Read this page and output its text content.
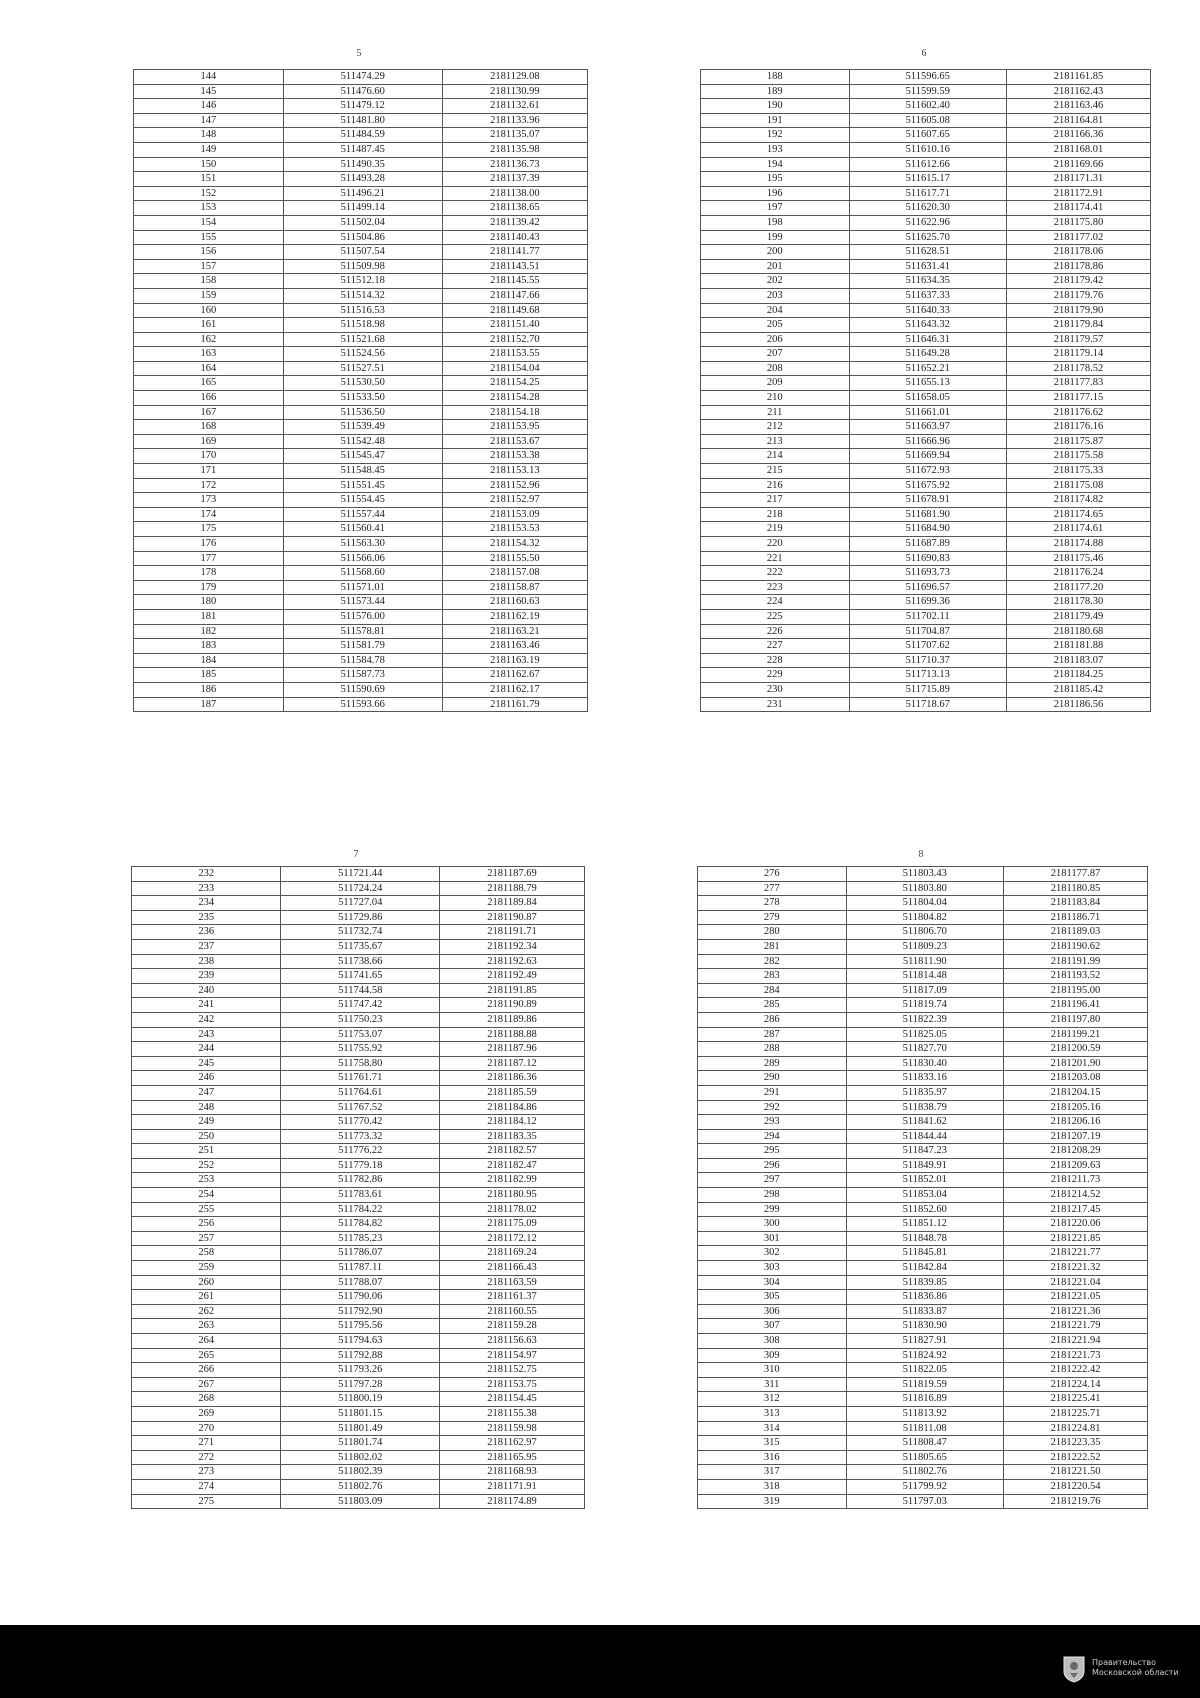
5	6
7	8
144	511474.29	2181129.08
145	511476.60	2181130.99
146	511479.12	2181132.61
147	511481.80	2181133.96
148	511484.59	2181135.07
149	511487.45	2181135.98
150	511490.35	2181136.73
151	511493.28	2181137.39
152	511496.21	2181138.00
153	511499.14	2181138.65
154	511502.04	2181139.42
155	511504.86	2181140.43
156	511507.54	2181141.77
157	511509.98	2181143.51
158	511512.18	2181145.55
159	511514.32	2181147.66
160	511516.53	2181149.68
161	511518.98	2181151.40
162	511521.68	2181152.70
163	511524.56	2181153.55
164	511527.51	2181154.04
165	511530.50	2181154.25
166	511533.50	2181154.28
167	511536.50	2181154.18
168	511539.49	2181153.95
169	511542.48	2181153.67
170	511545.47	2181153.38
171	511548.45	2181153.13
172	511551.45	2181152.96
173	511554.45	2181152.97
174	511557.44	2181153.09
175	511560.41	2181153.53
176	511563.30	2181154.32
177	511566.06	2181155.50
178	511568.60	2181157.08
179	511571.01	2181158.87
180	511573.44	2181160.63
181	511576.00	2181162.19
182	511578.81	2181163.21
183	511581.79	2181163.46
184	511584.78	2181163.19
185	511587.73	2181162.67
186	511590.69	2181162.17
187	511593.66	2181161.79
188	511596.65	2181161.85
189	511599.59	2181162.43
190	511602.40	2181163.46
191	511605.08	2181164.81
192	511607.65	2181166.36
193	511610.16	2181168.01
194	511612.66	2181169.66
195	511615.17	2181171.31
196	511617.71	2181172.91
197	511620.30	2181174.41
198	511622.96	2181175.80
199	511625.70	2181177.02
200	511628.51	2181178.06
201	511631.41	2181178.86
202	511634.35	2181179.42
203	511637.33	2181179.76
204	511640.33	2181179.90
205	511643.32	2181179.84
206	511646.31	2181179.57
207	511649.28	2181179.14
208	511652.21	2181178.52
209	511655.13	2181177.83
210	511658.05	2181177.15
211	511661.01	2181176.62
212	511663.97	2181176.16
213	511666.96	2181175.87
214	511669.94	2181175.58
215	511672.93	2181175.33
216	511675.92	2181175.08
217	511678.91	2181174.82
218	511681.90	2181174.65
219	511684.90	2181174.61
220	511687.89	2181174.88
221	511690.83	2181175.46
222	511693.73	2181176.24
223	511696.57	2181177.20
224	511699.36	2181178.30
225	511702.11	2181179.49
226	511704.87	2181180.68
227	511707.62	2181181.88
228	511710.37	2181183.07
229	511713.13	2181184.25
230	511715.89	2181185.42
231	511718.67	2181186.56
232	511721.44	2181187.69
233	511724.24	2181188.79
234	511727.04	2181189.84
235	511729.86	2181190.87
236	511732.74	2181191.71
237	511735.67	2181192.34
238	511738.66	2181192.63
239	511741.65	2181192.49
240	511744.58	2181191.85
241	511747.42	2181190.89
242	511750.23	2181189.86
243	511753.07	2181188.88
244	511755.92	2181187.96
245	511758.80	2181187.12
246	511761.71	2181186.36
247	511764.61	2181185.59
248	511767.52	2181184.86
249	511770.42	2181184.12
250	511773.32	2181183.35
251	511776.22	2181182.57
252	511779.18	2181182.47
253	511782.86	2181182.99
254	511783.61	2181180.95
255	511784.22	2181178.02
256	511784.82	2181175.09
257	511785.23	2181172.12
258	511786.07	2181169.24
259	511787.11	2181166.43
260	511788.07	2181163.59
261	511790.06	2181161.37
262	511792.90	2181160.55
263	511795.56	2181159.28
264	511794.63	2181156.63
265	511792.88	2181154.97
266	511793.26	2181152.75
267	511797.28	2181153.75
268	511800.19	2181154.45
269	511801.15	2181155.38
270	511801.49	2181159.98
271	511801.74	2181162.97
272	511802.02	2181165.95
273	511802.39	2181168.93
274	511802.76	2181171.91
275	511803.09	2181174.89
276	511803.43	2181177.87
277	511803.80	2181180.85
278	511804.04	2181183.84
279	511804.82	2181186.71
280	511806.70	2181189.03
281	511809.23	2181190.62
282	511811.90	2181191.99
283	511814.48	2181193.52
284	511817.09	2181195.00
285	511819.74	2181196.41
286	511822.39	2181197.80
287	511825.05	2181199.21
288	511827.70	2181200.59
289	511830.40	2181201.90
290	511833.16	2181203.08
291	511835.97	2181204.15
292	511838.79	2181205.16
293	511841.62	2181206.16
294	511844.44	2181207.19
295	511847.23	2181208.29
296	511849.91	2181209.63
297	511852.01	2181211.73
298	511853.04	2181214.52
299	511852.60	2181217.45
300	511851.12	2181220.06
301	511848.78	2181221.85
302	511845.81	2181221.77
303	511842.84	2181221.32
304	511839.85	2181221.04
305	511836.86	2181221.05
306	511833.87	2181221.36
307	511830.90	2181221.79
308	511827.91	2181221.94
309	511824.92	2181221.73
310	511822.05	2181222.42
311	511819.59	2181224.14
312	511816.89	2181225.41
313	511813.92	2181225.71
314	511811.08	2181224.81
315	511808.47	2181223.35
316	511805.65	2181222.52
317	511802.76	2181221.50
318	511799.92	2181220.54
319	511797.03	2181219.76
Правительство
Московской области
